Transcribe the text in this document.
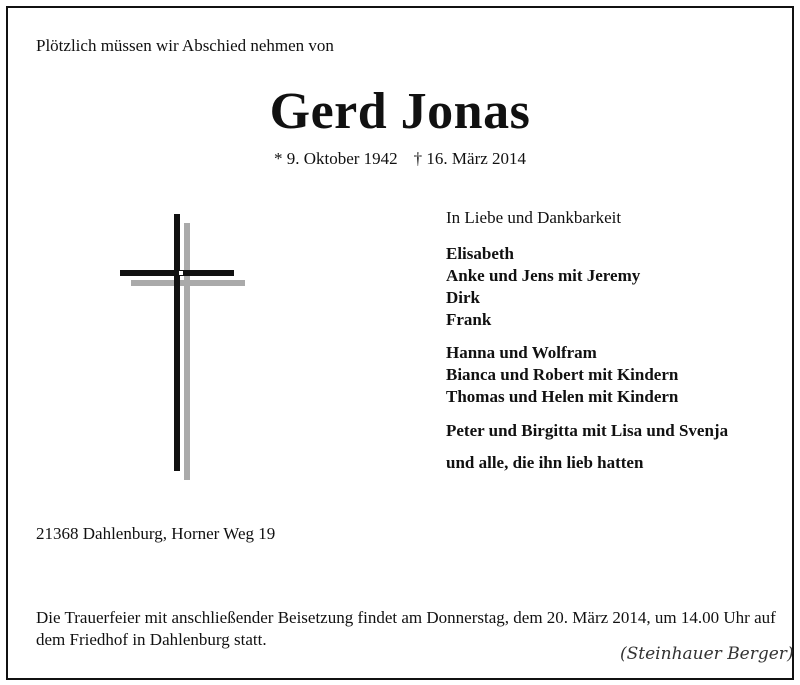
Plötzlich müssen wir Abschied nehmen von
Gerd Jonas
* 9. Oktober 1942 † 16. März 2014
In Liebe und Dankbarkeit
Elisabeth
Anke und Jens mit Jeremy
Dirk
Frank
Hanna und Wolfram
Bianca und Robert mit Kindern
Thomas und Helen mit Kindern
Peter und Birgitta mit Lisa und Svenja
und alle, die ihn lieb hatten
21368 Dahlenburg, Horner Weg 19
Die Trauerfeier mit anschließender Beisetzung findet am Donnerstag, dem 20. März 2014, um 14.00 Uhr auf dem Friedhof in Dahlenburg statt.
(Steinhauer Berger)
